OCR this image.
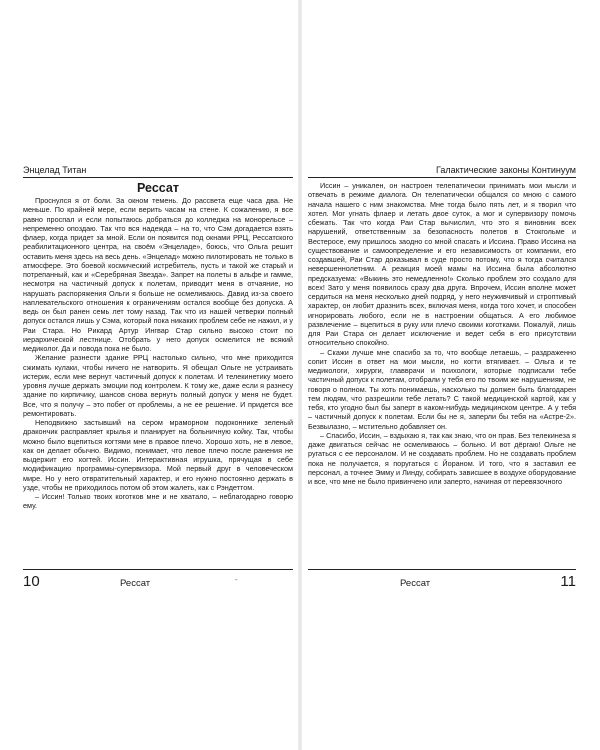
Энцелад Титан
Рессат

Проснулся я от боли. За окном темень. До рассвета еще часа два. Не меньше. По крайней мере, если верить часам на стене. К сожалению, я все равно проспал и если попытаюсь добраться до колледжа на монорельсе – непременно опоздаю. Так что вся надежда – на то, что Сэм догадается взять флаер, когда придет за мной. Если он появится под окнами РРЦ, Рессатского реабилитационного центра, на своём «Энцеладе», боюсь, что Ольга решит оставить меня здесь на весь день. «Энцелад» можно пилотировать не только в атмосфере. Это боевой космический истребитель, пусть и такой же старый и потрепанный, как и «Серебряная Звезда». Запрет на полеты в альфе и гамме, несмотря на частичный допуск к полетам, приводит меня в отчаяние, но нарушать распоряжения Ольги я больше не осмеливаюсь. Давид из-за своего наплевательского отношения к ограничениям остался вообще без допуска. А ведь он был ранен семь лет тому назад. Так что из нашей четверки полный допуск остался лишь у Сэма, который пока никаких проблем себе не нажил, и у Раи Стара. Но Рикард Артур Ингвар Стар сильно высоко стоит по иерархической лестнице. Отобрать у него допуск осмелится не всякий медиколог. Да и повода пока не было.

Желание разнести здание РРЦ настолько сильно, что мне приходится сжимать кулаки, чтобы ничего не натворить. Я обещал Ольге не устраивать истерик, если мне вернут частичный допуск к полетам. И телекинетику моего уровня лучше держать эмоции под контролем. К тому же, даже если я разнесу здание по кирпичику, шансов снова вернуть полный допуск у меня не будет. Все, что я получу – это побег от проблемы, а не ее решение. И придется все ремонтировать.

Неподвижно застывший на сером мраморном подоконнике зеленый дракончик расправляет крылья и планирует на больничную койку. Так, чтобы можно было вцепиться когтями мне в правое плечо. Хорошо хоть, не в левое, как он делает обычно. Видимо, понимает, что левое плечо после ранения не выдержит его когтей. Иссин. Интерактивная игрушка, прячущая в себе модификацию программы-супервизора. Мой первый друг в человеческом мире. Но у него отвратительный характер, и его нужно постоянно держать в узде, чтобы не приходилось потом об этом жалеть, как с Рэндеттом.

– Иссин! Только твоих коготков мне и не хватало, – неблагодарно говорю ему.

10	Рессат	-
Галактические законы Континуум

Иссин – уникален, он настроен телепатически принимать мои мысли и отвечать в режиме диалога. Он телепатически общался со мною с самого начала нашего с ним знакомства. Мне тогда было пять лет, и я творил что хотел. Мог угнать флаер и летать двое суток, а мог и супервизору помочь сбежать. Так что когда Раи Стар вычислил, что это я виновник всех нарушений, ответственным за безопасность полетов в Стокгольме и Вестеросе, ему пришлось заодно со мной спасать и Иссина. Право Иссина на существование и самоопределение и его независимость от компании, его создавшей, Раи Стар доказывал в суде просто потому, что я тогда считался невершеннолетним. А реакция моей мамы на Иссина была абсолютно предсказуема: «Выкинь это немедленно!» Сколько проблем это создало для всех! Зато у меня появилось сразу два друга. Впрочем, Иссин вполне может сердиться на меня несколько дней подряд, у него неуживчивый и строптивый характер, он любит дразнить всех, включая меня, когда того хочет, и способен игнорировать любого, если не в настроении общаться. А его любимое развлечение – вцепиться в руку или плечо своими коготками. Пожалуй, лишь для Раи Стара он делает исключение и ведет себя в его присутствии относительно спокойно.

– Скажи лучше мне спасибо за то, что вообще летаешь, – раздраженно сопит Иссин в ответ на мои мысли, но когти втягивает. – Ольга и те медикологи, хирурги, главврачи и психологи, которые подписали тебе частичный допуск к полетам, отобрали у тебя его по твоим же нарушениям, не говоря о полном. Ты хоть понимаешь, насколько ты должен быть благодарен тем людям, что разрешили тебе летать? С такой медицинской картой, как у тебя, кто угодно был бы заперт в каком-нибудь медицинском центре. А у тебя – частичный допуск к полетам. Если бы не я, заперли бы тебя на «Астре-2». Безвылазно, – мстительно добавляет он.

– Спасибо, Иссин, – вздыхаю я, так как знаю, что он прав. Без телекинеза я даже двигаться сейчас не осмеливаюсь – больно. И вот дёргаю! Ольге не ругаться с ее персоналом. И не создавать проблем. Но не создавать проблем пока не получается, я поругаться с Йораном. И того, что я заставил ее персонал, а точнее Эмму и Линду, собирать завиcшее в воздухе оборудование и все, что мне не было привинчено или заперто, начиная от перевязочного

Рессат	11
